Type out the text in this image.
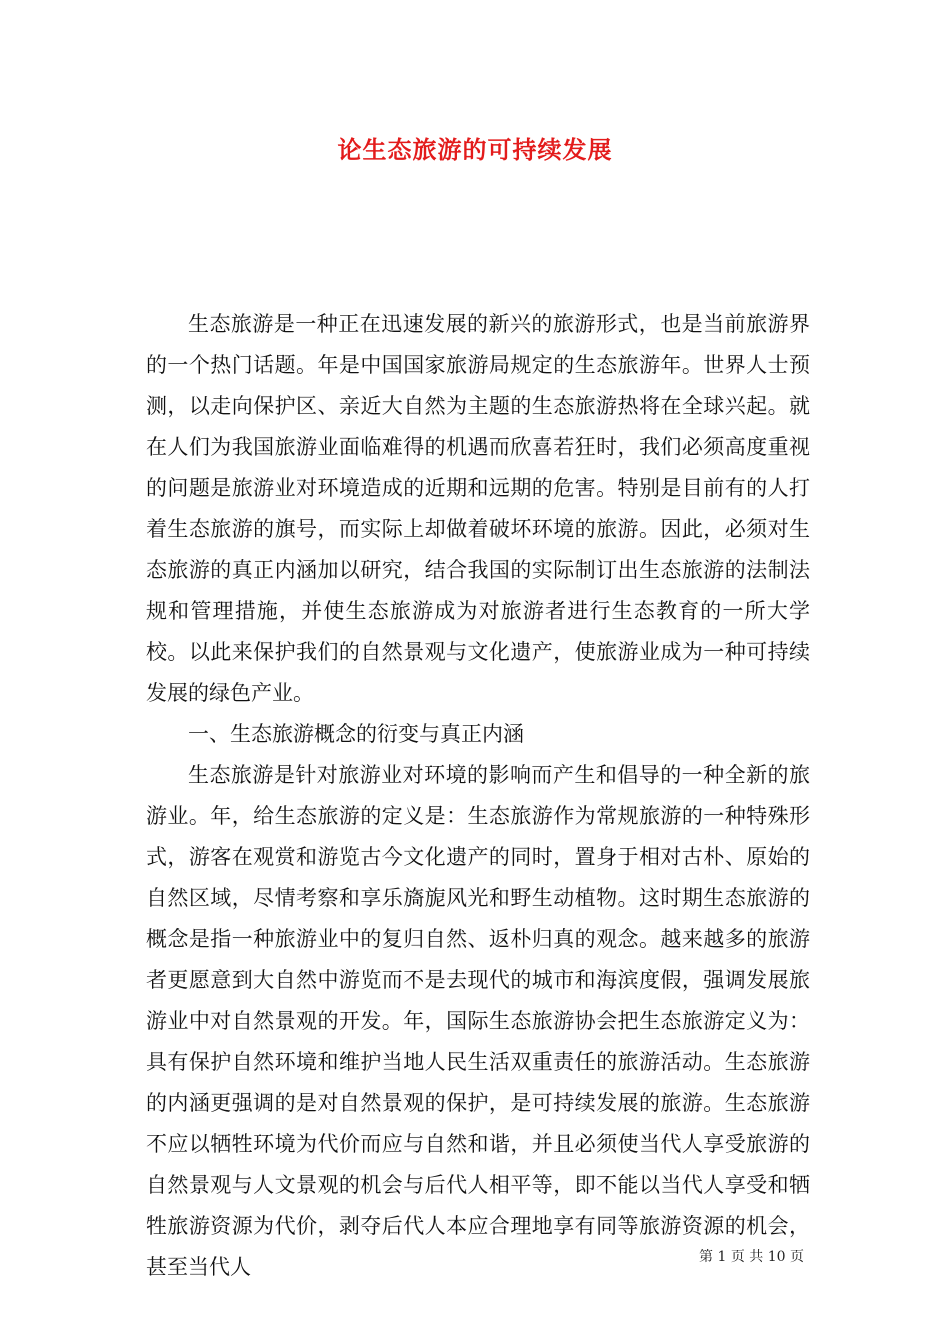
论生态旅游的可持续发展

生态旅游是一种正在迅速发展的新兴的旅游形式，也是当前旅游界的一个热门话题。年是中国国家旅游局规定的生态旅游年。世界人士预测，以走向保护区、亲近大自然为主题的生态旅游热将在全球兴起。就在人们为我国旅游业面临难得的机遇而欣喜若狂时，我们必须高度重视的问题是旅游业对环境造成的近期和远期的危害。特别是目前有的人打着生态旅游的旗号，而实际上却做着破坏环境的旅游。因此，必须对生态旅游的真正内涵加以研究，结合我国的实际制订出生态旅游的法制法规和管理措施，并使生态旅游成为对旅游者进行生态教育的一所大学校。以此来保护我们的自然景观与文化遗产，使旅游业成为一种可持续发展的绿色产业。

一、生态旅游概念的衍变与真正内涵

生态旅游是针对旅游业对环境的影响而产生和倡导的一种全新的旅游业。年，给生态旅游的定义是：生态旅游作为常规旅游的一种特殊形式，游客在观赏和游览古今文化遗产的同时，置身于相对古朴、原始的自然区域，尽情考察和享乐旖旎风光和野生动植物。这时期生态旅游的概念是指一种旅游业中的复归自然、返朴归真的观念。越来越多的旅游者更愿意到大自然中游览而不是去现代的城市和海滨度假，强调发展旅游业中对自然景观的开发。年，国际生态旅游协会把生态旅游定义为：具有保护自然环境和维护当地人民生活双重责任的旅游活动。生态旅游的内涵更强调的是对自然景观的保护，是可持续发展的旅游。生态旅游不应以牺牲环境为代价而应与自然和谐，并且必须使当代人享受旅游的自然景观与人文景观的机会与后代人相平等，即不能以当代人享受和牺牲旅游资源为代价，剥夺后代人本应合理地享有同等旅游资源的机会，甚至当代人	第 1 页 共 10 页
